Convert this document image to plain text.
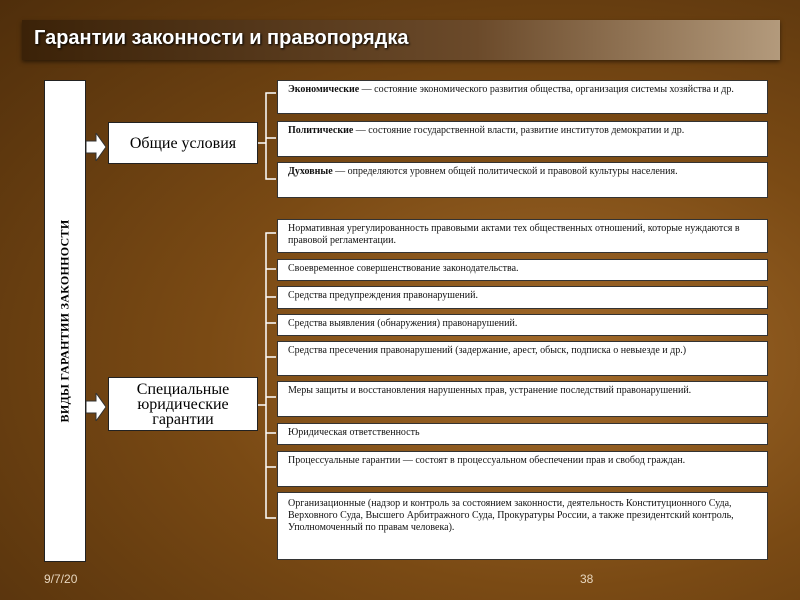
Гарантии законности и правопорядка
ВИДЫ ГАРАНТИИ ЗАКОННОСТИ
Общие условия
Специальные юридические гарантии
Экономические — состояние экономического развития общества, организация системы хозяйства и др.
Политические — состояние государственной власти, развитие институтов демократии и др.
Духовные — определяются уровнем общей политической и правовой культуры населения.
Нормативная урегулированность правовыми актами тех общественных отношений, которые нуждаются в правовой регламентации.
Своевременное совершенствование законодательства.
Средства предупреждения правонарушений.
Средства выявления (обнаружения) правонарушений.
Средства пресечения правонарушений (задержание, арест, обыск, подписка о невыезде и др.)
Меры защиты и восстановления нарушенных прав, устранение последствий правонарушений.
Юридическая ответственность
Процессуальные гарантии — состоят в процессуальном обеспечении прав и свобод граждан.
Организационные (надзор и контроль за состоянием законности, деятельность Конституционного Суда, Верховного Суда, Высшего Арбитражного Суда, Прокуратуры России, а также президентский контроль, Уполномоченный по правам человека).
9/7/20	38
